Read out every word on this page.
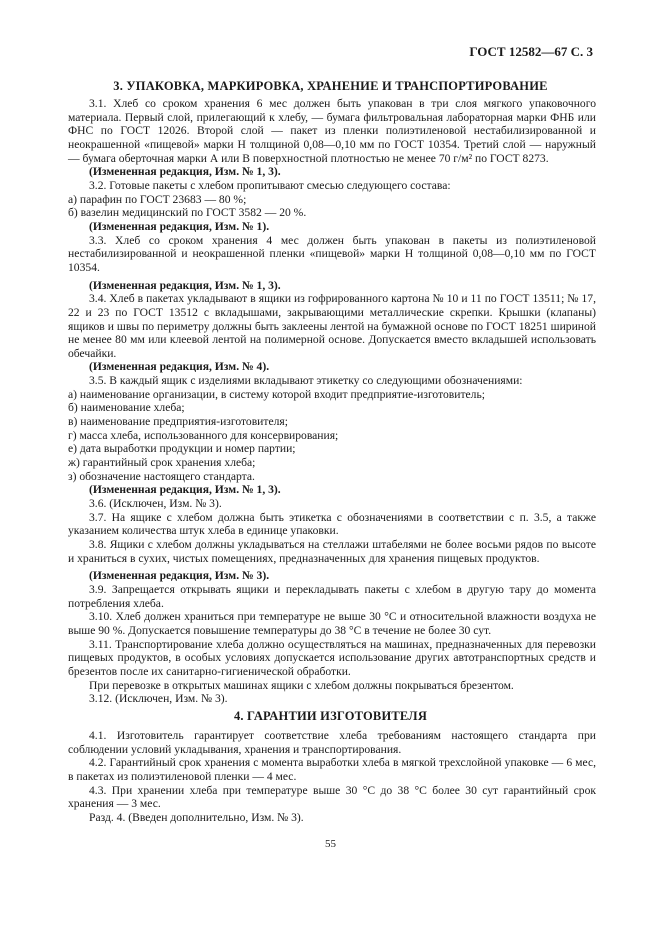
ГОСТ 12582—67 С. 3
3. УПАКОВКА, МАРКИРОВКА, ХРАНЕНИЕ И ТРАНСПОРТИРОВАНИЕ

3.1. Хлеб со сроком хранения 6 мес должен быть упакован в три слоя мягкого упаковочного материала. Первый слой, прилегающий к хлебу, — бумага фильтровальная лабораторная марки ФНБ или ФНС по ГОСТ 12026. Второй слой — пакет из пленки полиэтиленовой нестабилизированной и неокрашенной «пищевой» марки Н толщиной 0,08—0,10 мм по ГОСТ 10354. Третий слой — наружный — бумага оберточная марки А или В поверхностной плотностью не менее 70 г/м² по ГОСТ 8273.

(Измененная редакция, Изм. № 1, 3).

3.2. Готовые пакеты с хлебом пропитывают смесью следующего состава:

а) парафин по ГОСТ 23683 — 80 %;

б) вазелин медицинский по ГОСТ 3582 — 20 %.

(Измененная редакция, Изм. № 1).

3.3. Хлеб со сроком хранения 4 мес должен быть упакован в пакеты из полиэтиленовой нестабилизированной и неокрашенной пленки «пищевой» марки Н толщиной 0,08—0,10 мм по ГОСТ 10354.

(Измененная редакция, Изм. № 1, 3).

3.4. Хлеб в пакетах укладывают в ящики из гофрированного картона № 10 и 11 по ГОСТ 13511; № 17, 22 и 23 по ГОСТ 13512 с вкладышами, закрывающими металлические скрепки. Крышки (клапаны) ящиков и швы по периметру должны быть заклеены лентой на бумажной основе по ГОСТ 18251 шириной не менее 80 мм или клеевой лентой на полимерной основе. Допускается вместо вкладышей использовать обечайки.

(Измененная редакция, Изм. № 4).

3.5. В каждый ящик с изделиями вкладывают этикетку со следующими обозначениями:

а) наименование организации, в систему которой входит предприятие-изготовитель;

б) наименование хлеба;

в) наименование предприятия-изготовителя;

г) масса хлеба, использованного для консервирования;

е) дата выработки продукции и номер партии;

ж) гарантийный срок хранения хлеба;

з) обозначение настоящего стандарта.

(Измененная редакция, Изм. № 1, 3).

3.6. (Исключен, Изм. № 3).

3.7. На ящике с хлебом должна быть этикетка с обозначениями в соответствии с п. 3.5, а также указанием количества штук хлеба в единице упаковки.

3.8. Ящики с хлебом должны укладываться на стеллажи штабелями не более восьми рядов по высоте и храниться в сухих, чистых помещениях, предназначенных для хранения пищевых продуктов.

(Измененная редакция, Изм. № 3).

3.9. Запрещается открывать ящики и перекладывать пакеты с хлебом в другую тару до момента потребления хлеба.

3.10. Хлеб должен храниться при температуре не выше 30 °С и относительной влажности воздуха не выше 90 %. Допускается повышение температуры до 38 °С в течение не более 30 сут.

3.11. Транспортирование хлеба должно осуществляться на машинах, предназначенных для перевозки пищевых продуктов, в особых условиях допускается использование других автотранспортных средств и брезентов после их санитарно-гигиенической обработки.

При перевозке в открытых машинах ящики с хлебом должны покрываться брезентом.

3.12. (Исключен, Изм. № 3).

4. ГАРАНТИИ ИЗГОТОВИТЕЛЯ

4.1. Изготовитель гарантирует соответствие хлеба требованиям настоящего стандарта при соблюдении условий укладывания, хранения и транспортирования.

4.2. Гарантийный срок хранения с момента выработки хлеба в мягкой трехслойной упаковке — 6 мес, в пакетах из полиэтиленовой пленки — 4 мес.

4.3. При хранении хлеба при температуре выше 30 °С до 38 °С более 30 сут гарантийный срок хранения — 3 мес.

Разд. 4. (Введен дополнительно, Изм. № 3).

55
